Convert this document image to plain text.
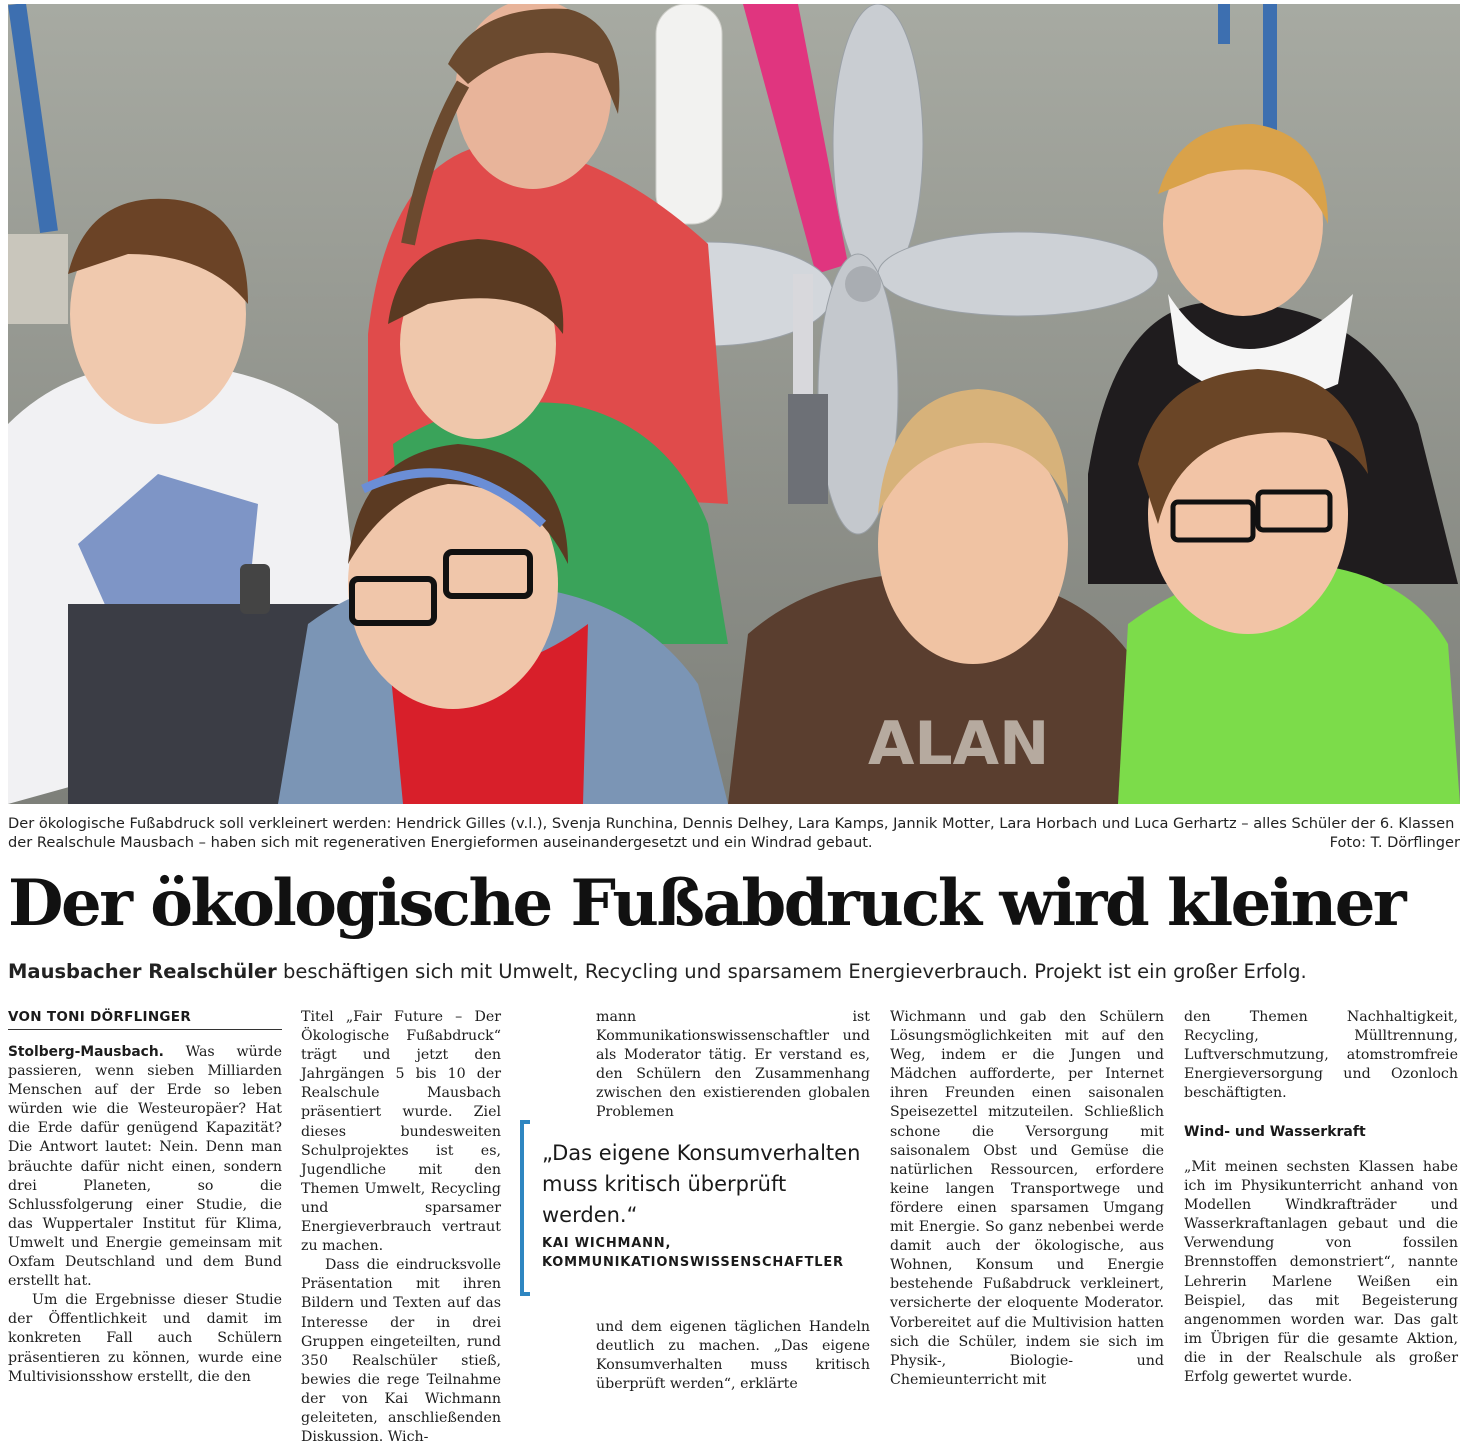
ALAN
Der ökologische Fußabdruck soll verkleinert werden: Hendrick Gilles (v.l.), Svenja Runchina, Dennis Delhey, Lara Kamps, Jannik Motter, Lara Horbach und Luca Gerhartz – alles Schüler der 6. Klassen der Realschule Mausbach – haben sich mit regenerativen Energieformen auseinandergesetzt und ein Windrad gebaut.	Foto: T. Dörflinger
Der ökologische Fußabdruck wird kleiner
Mausbacher Realschüler beschäftigen sich mit Umwelt, Recycling und sparsamem Energieverbrauch. Projekt ist ein großer Erfolg.
VON TONI DÖRFLINGER

Stolberg-Mausbach. Was würde passieren, wenn sieben Milliarden Menschen auf der Erde so leben würden wie die Westeuropäer? Hat die Erde dafür genügend Kapazität? Die Antwort lautet: Nein. Denn man bräuchte dafür nicht einen, sondern drei Planeten, so die Schlussfolgerung einer Studie, die das Wuppertaler Institut für Klima, Umwelt und Energie gemeinsam mit Oxfam Deutschland und dem Bund erstellt hat.

Um die Ergebnisse dieser Studie der Öffentlichkeit und damit im konkreten Fall auch Schülern präsentieren zu können, wurde eine Multivisionsshow erstellt, die den

Titel „Fair Future – Der Ökologische Fußabdruck“ trägt und jetzt den Jahrgängen 5 bis 10 der Realschule Mausbach präsentiert wurde. Ziel dieses bundesweiten Schulprojektes ist es, Jugendliche mit den Themen Umwelt, Recycling und sparsamer Energieverbrauch vertraut zu machen.

Dass die eindrucksvolle Präsentation mit ihren Bildern und Texten auf das Interesse der in drei Gruppen eingeteilten, rund 350 Realschüler stieß, bewies die rege Teilnahme der von Kai Wichmann geleiteten, anschließenden Diskussion. Wich-

mann ist Kommunikationswissenschaftler und als Moderator tätig. Er verstand es, den Schülern den Zusammenhang zwischen den existierenden globalen Problemen

„Das eigene Konsumverhalten muss kritisch überprüft werden.“
KAI WICHMANN,
KOMMUNIKATIONSWISSENSCHAFTLER

und dem eigenen täglichen Handeln deutlich zu machen. „Das eigene Konsumverhalten muss kritisch überprüft werden“, erklärte

Wichmann und gab den Schülern Lösungsmöglichkeiten mit auf den Weg, indem er die Jungen und Mädchen aufforderte, per Internet ihren Freunden einen saisonalen Speisezettel mitzuteilen. Schließlich schone die Versorgung mit saisonalem Obst und Gemüse die natürlichen Ressourcen, erfordere keine langen Transportwege und fördere einen sparsamen Umgang mit Energie. So ganz nebenbei werde damit auch der ökologische, aus Wohnen, Konsum und Energie bestehende Fußabdruck verkleinert, versicherte der eloquente Moderator. Vorbereitet auf die Multivision hatten sich die Schüler, indem sie sich im Physik-, Biologie- und Chemieunterricht mit

den Themen Nachhaltigkeit, Recycling, Mülltrennung, Luftverschmutzung, atomstromfreie Energieversorgung und Ozonloch beschäftigten.

Wind- und Wasserkraft

„Mit meinen sechsten Klassen habe ich im Physikunterricht anhand von Modellen Windkrafträder und Wasserkraftanlagen gebaut und die Verwendung von fossilen Brennstoffen demonstriert“, nannte Lehrerin Marlene Weißen ein Beispiel, das mit Begeisterung angenommen worden war. Das galt im Übrigen für die gesamte Aktion, die in der Realschule als großer Erfolg gewertet wurde.
